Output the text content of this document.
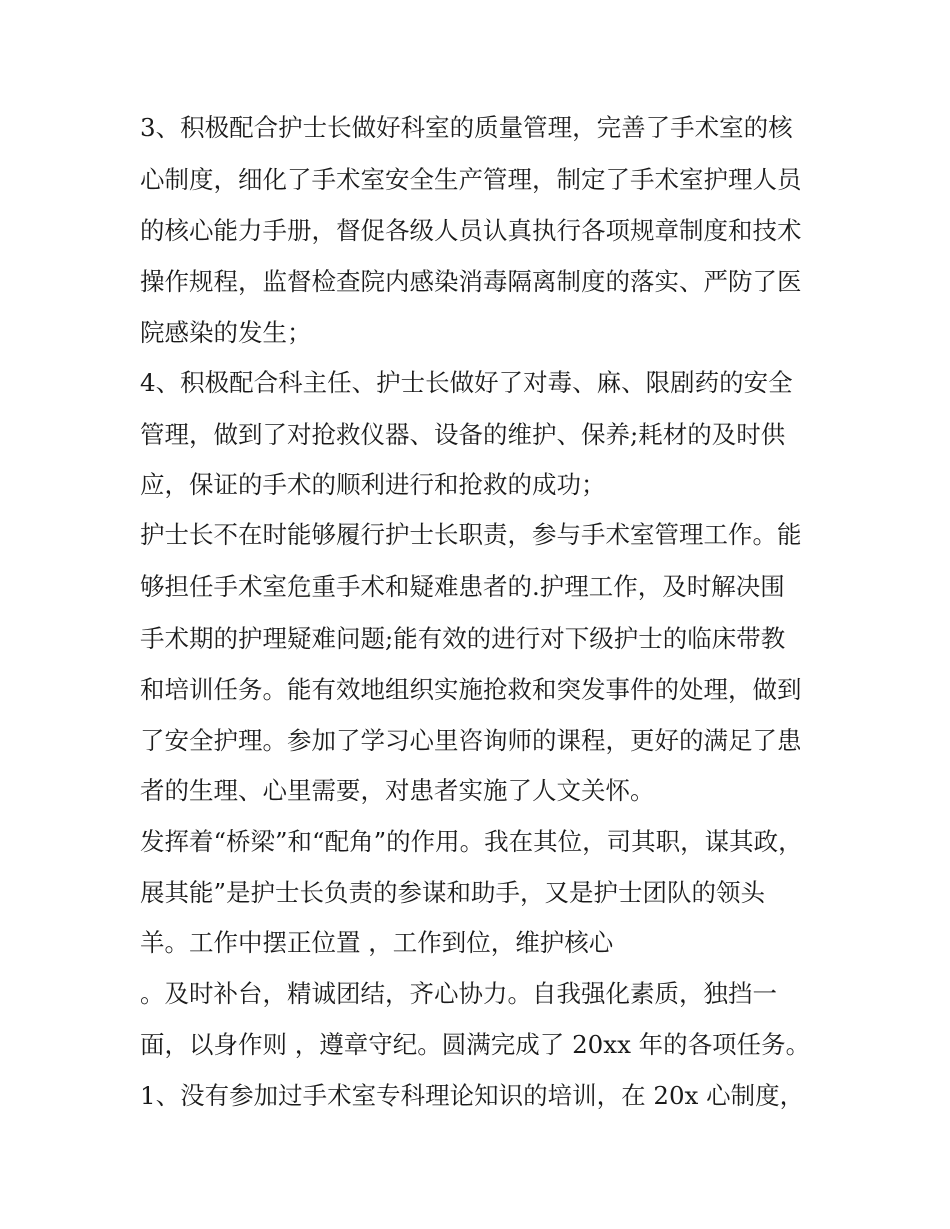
3、积极配合护士长做好科室的质量管理，完善了手术室的核
心制度，细化了手术室安全生产管理，制定了手术室护理人员
的核心能力手册，督促各级人员认真执行各项规章制度和技术
操作规程，监督检查院内感染消毒隔离制度的落实、严防了医
院感染的发生；
4、积极配合科主任、护士长做好了对毒、麻、限剧药的安全
管理，做到了对抢救仪器、设备的维护、保养;耗材的及时供
应，保证的手术的顺利进行和抢救的成功；
护士长不在时能够履行护士长职责，参与手术室管理工作。能
够担任手术室危重手术和疑难患者的.护理工作，及时解决围
手术期的护理疑难问题;能有效的进行对下级护士的临床带教
和培训任务。能有效地组织实施抢救和突发事件的处理，做到
了安全护理。参加了学习心里咨询师的课程，更好的满足了患
者的生理、心里需要，对患者实施了人文关怀。
发挥着“桥梁”和“配角”的作用。我在其位，司其职，谋其政，
展其能”是护士长负责的参谋和助手，又是护士团队的领头
羊。工作中摆正位置 ，工作到位，维护核心
。及时补台，精诚团结，齐心协力。自我强化素质，独挡一
面，以身作则 ，遵章守纪。圆满完成了 20xx 年的各项任务。
1、没有参加过手术室专科理论知识的培训，在 20x 心制度，
